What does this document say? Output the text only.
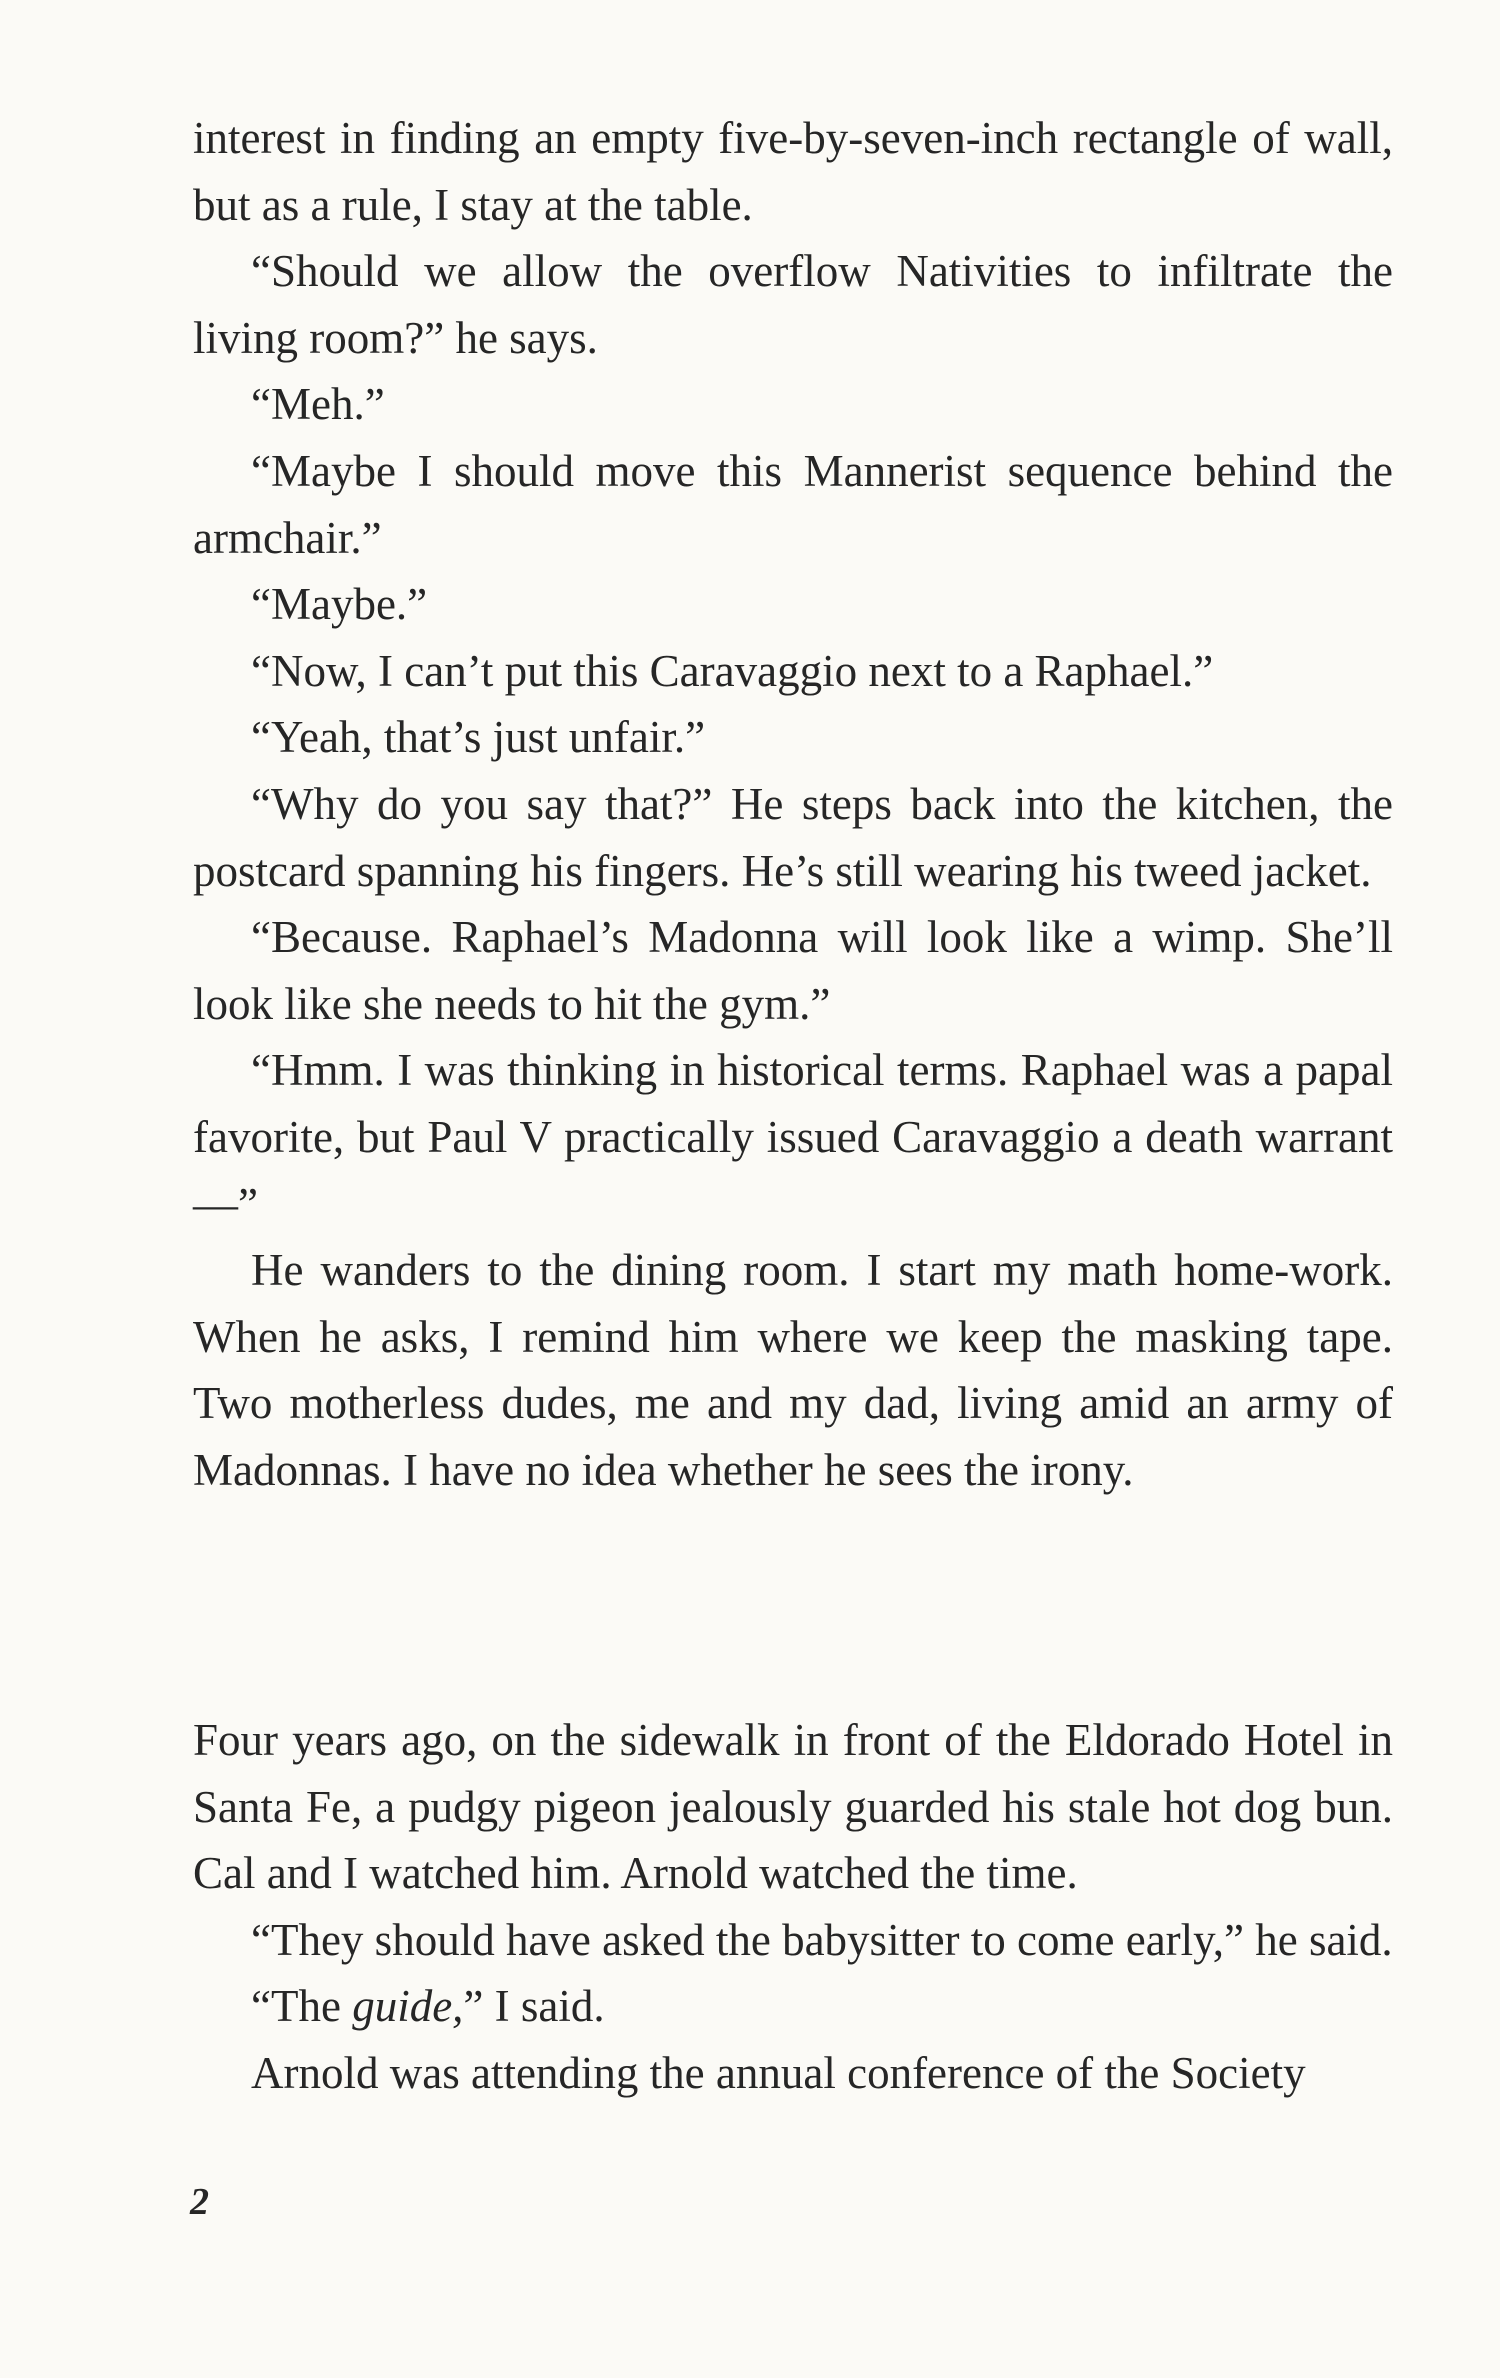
interest in finding an empty five-by-seven-inch rectangle of wall, but as a rule, I stay at the table.

“Should we allow the overflow Nativities to infiltrate the living room?” he says.

“Meh.”

“Maybe I should move this Mannerist sequence behind the armchair.”

“Maybe.”

“Now, I can’t put this Caravaggio next to a Raphael.”

“Yeah, that’s just unfair.”

“Why do you say that?” He steps back into the kitchen, the postcard spanning his fingers. He’s still wearing his tweed jacket.

“Because. Raphael’s Madonna will look like a wimp. She’ll look like she needs to hit the gym.”

“Hmm. I was thinking in historical terms. Raphael was a papal favorite, but Paul V practically issued Caravaggio a death warrant—”

He wanders to the dining room. I start my math home-work. When he asks, I remind him where we keep the masking tape. Two motherless dudes, me and my dad, living amid an army of Madonnas. I have no idea whether he sees the irony.

Four years ago, on the sidewalk in front of the Eldorado Hotel in Santa Fe, a pudgy pigeon jealously guarded his stale hot dog bun. Cal and I watched him. Arnold watched the time.

“They should have asked the babysitter to come early,” he said.

“The guide,” I said.

Arnold was attending the annual conference of the Society

2
